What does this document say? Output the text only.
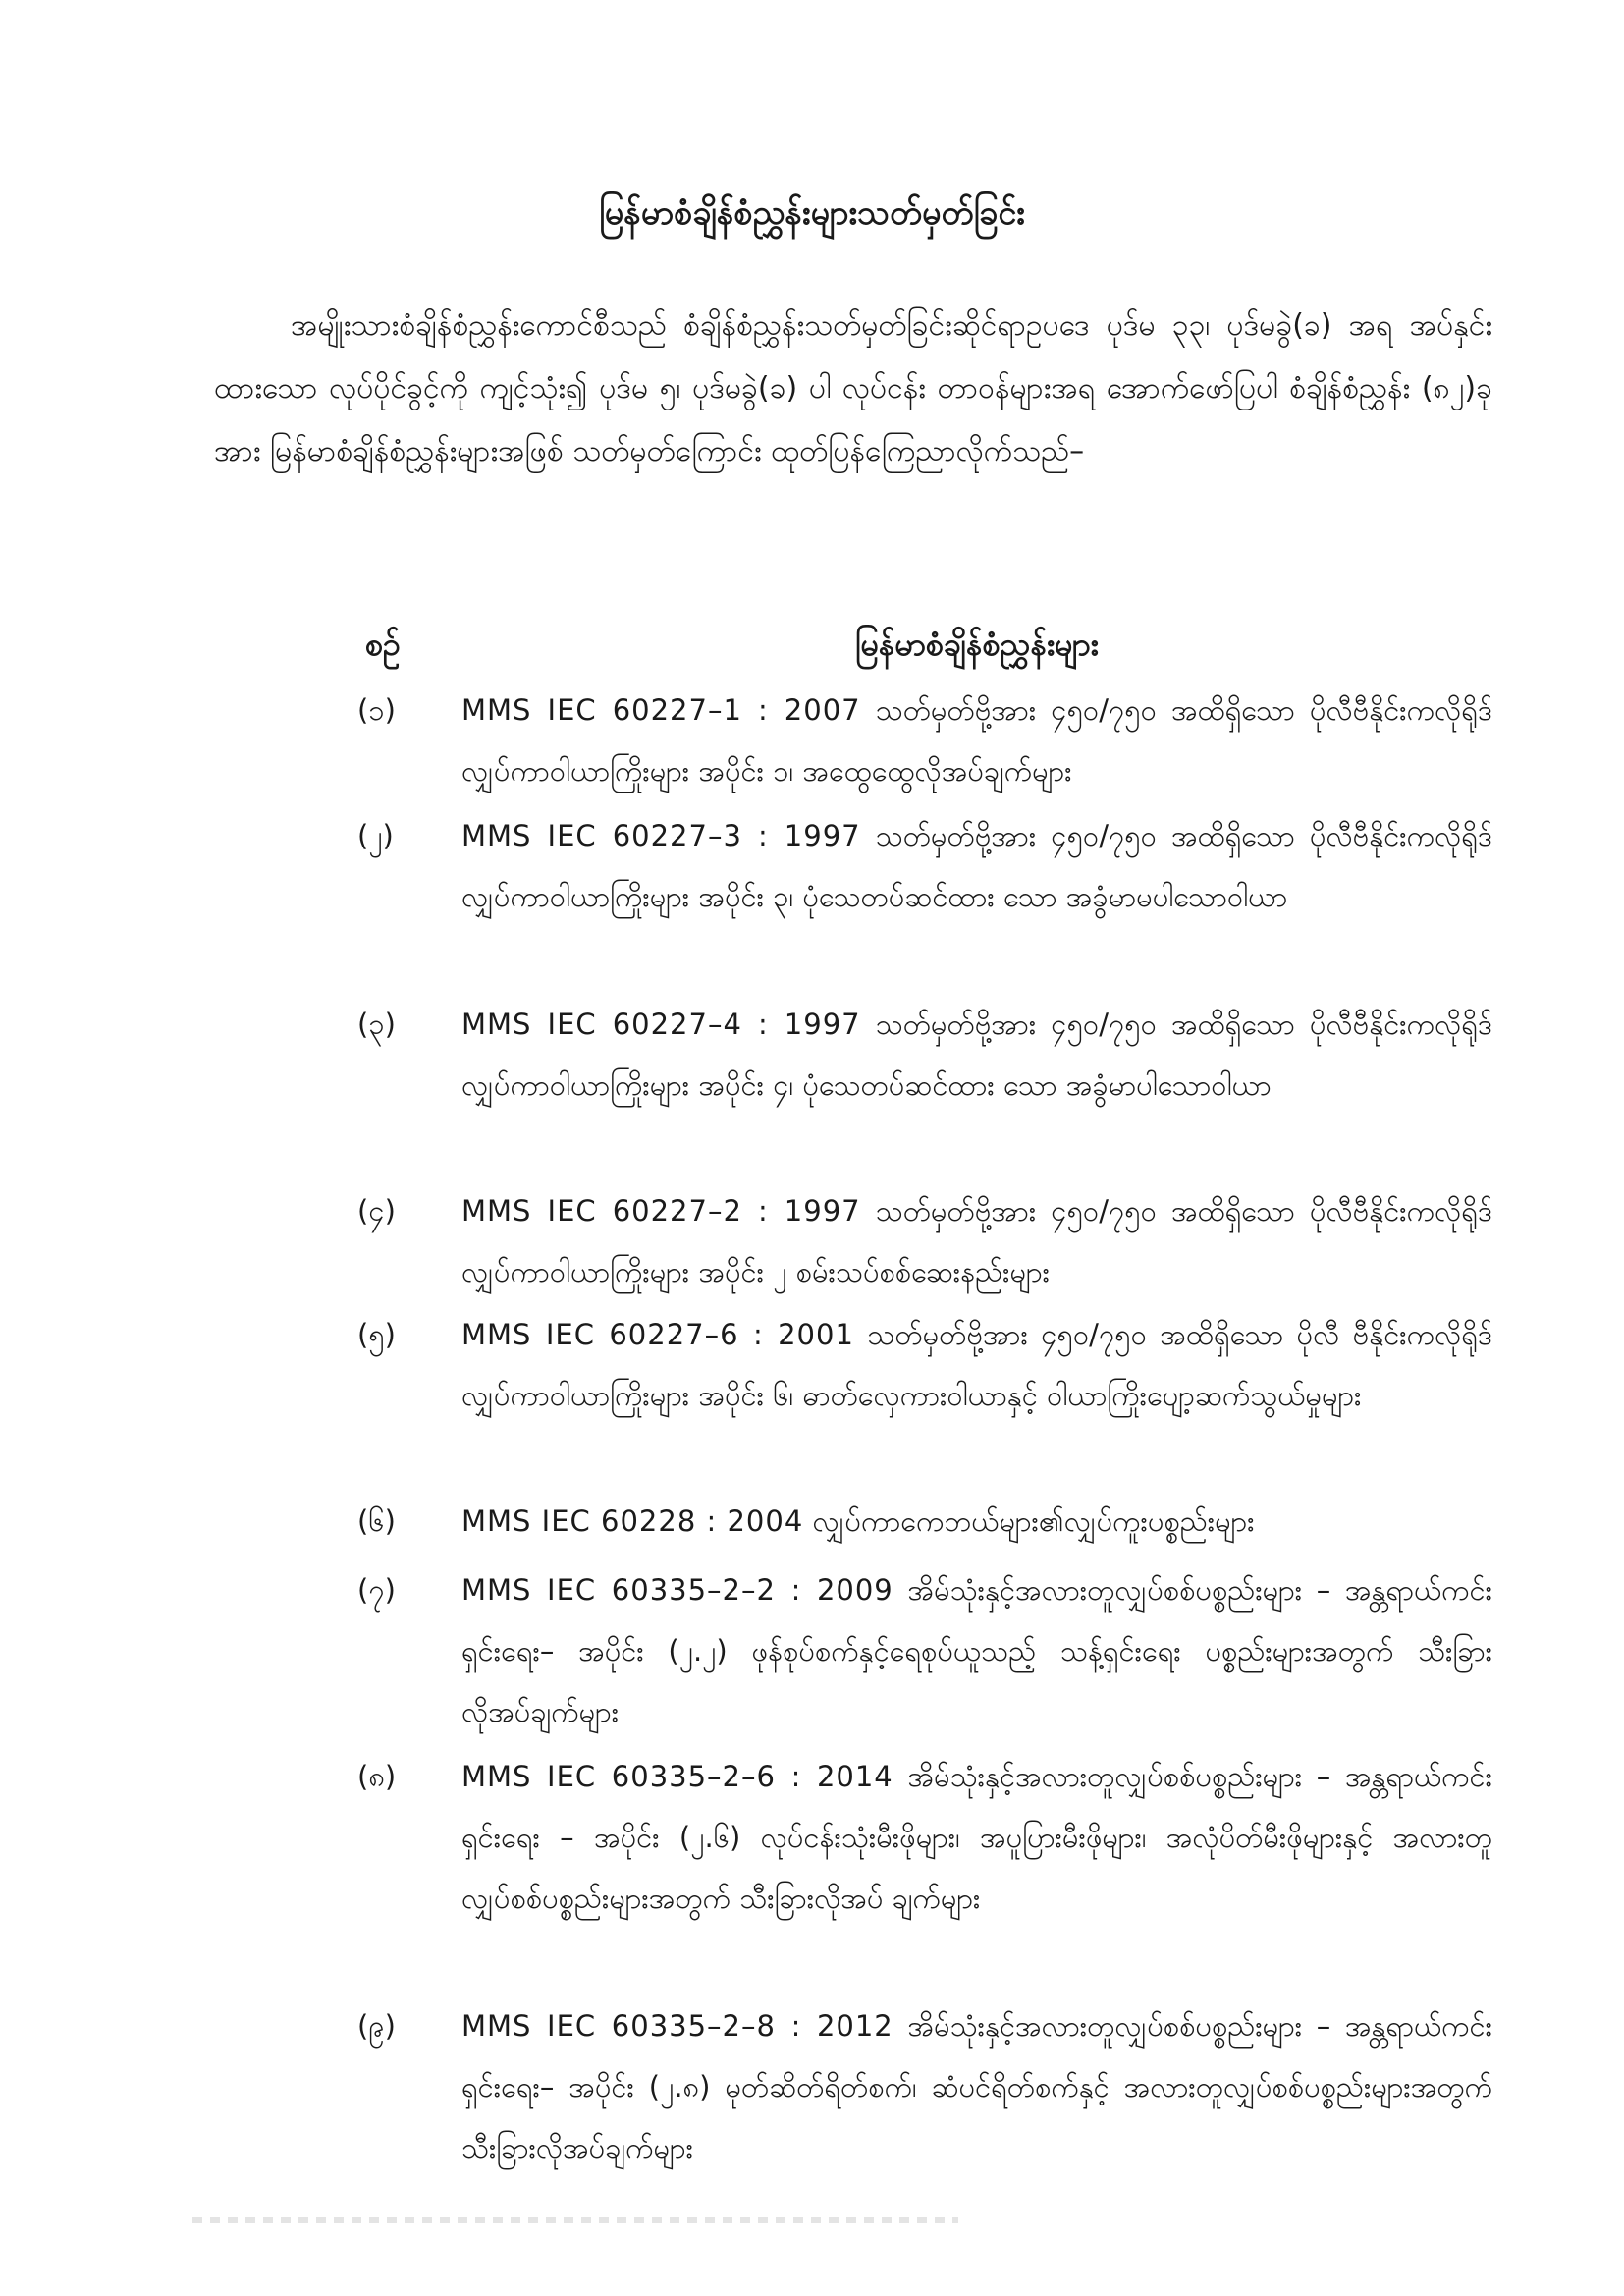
မြန်မာစံချိန်စံညွှန်းများသတ်မှတ်ခြင်း
အမျိုးသားစံချိန်စံညွှန်းကောင်စီသည် စံချိန်စံညွှန်းသတ်မှတ်ခြင်းဆိုင်ရာဥပဒေ ပုဒ်မ ၃၃၊ ပုဒ်မခွဲ(ခ) အရ အပ်နှင်းထားသော လုပ်ပိုင်ခွင့်ကို ကျင့်သုံး၍ ပုဒ်မ ၅၊ ပုဒ်မခွဲ(ခ) ပါ လုပ်ငန်း တာဝန်များအရ အောက်ဖော်ပြပါ စံချိန်စံညွှန်း (၈၂)ခုအား မြန်မာစံချိန်စံညွှန်းများအဖြစ် သတ်မှတ်ကြောင်း ထုတ်ပြန်ကြေညာလိုက်သည်–
စဉ်	မြန်မာစံချိန်စံညွှန်းများ
(၁) MMS IEC 60227–1 : 2007 သတ်မှတ်ဗို့အား ၄၅၀/၇၅၀ အထိရှိသော ပိုလီဗီနိုင်းကလိုရိုဒ်လျှပ်ကာဝါယာကြိုးများ အပိုင်း ၁၊ အထွေထွေလိုအပ်ချက်များ
(၂) MMS IEC 60227–3 : 1997 သတ်မှတ်ဗို့အား ၄၅၀/၇၅၀ အထိရှိသော ပိုလီဗီနိုင်းကလိုရိုဒ်လျှပ်ကာဝါယာကြိုးများ အပိုင်း ၃၊ ပုံသေတပ်ဆင်ထား သော အခွံမာမပါသောဝါယာ
(၃) MMS IEC 60227–4 : 1997 သတ်မှတ်ဗို့အား ၄၅၀/၇၅၀ အထိရှိသော ပိုလီဗီနိုင်းကလိုရိုဒ်လျှပ်ကာဝါယာကြိုးများ အပိုင်း ၄၊ ပုံသေတပ်ဆင်ထား သော အခွံမာပါသောဝါယာ
(၄) MMS IEC 60227–2 : 1997 သတ်မှတ်ဗို့အား ၄၅၀/၇၅၀ အထိရှိသော ပိုလီဗီနိုင်းကလိုရိုဒ်လျှပ်ကာဝါယာကြိုးများ အပိုင်း ၂ စမ်းသပ်စစ်ဆေးနည်းများ
(၅) MMS IEC 60227–6 : 2001 သတ်မှတ်ဗို့အား ၄၅၀/၇၅၀ အထိရှိသော ပိုလီ ဗီနိုင်းကလိုရိုဒ်လျှပ်ကာဝါယာကြိုးများ အပိုင်း ၆၊ ဓာတ်လှေကားဝါယာနှင့် ဝါယာကြိုးပျော့ဆက်သွယ်မှုများ
(၆) MMS IEC 60228 : 2004 လျှပ်ကာကေဘယ်များ၏လျှပ်ကူးပစ္စည်းများ
(၇) MMS IEC 60335–2–2 : 2009 အိမ်သုံးနှင့်အလားတူလျှပ်စစ်ပစ္စည်းများ – အန္တရာယ်ကင်းရှင်းရေး– အပိုင်း (၂.၂) ဖုန်စုပ်စက်နှင့်ရေစုပ်ယူသည့် သန့်ရှင်းရေး ပစ္စည်းများအတွက် သီးခြားလိုအပ်ချက်များ
(၈) MMS IEC 60335–2–6 : 2014 အိမ်သုံးနှင့်အလားတူလျှပ်စစ်ပစ္စည်းများ – အန္တရာယ်ကင်းရှင်းရေး – အပိုင်း (၂.၆) လုပ်ငန်းသုံးမီးဖိုများ၊ အပူပြားမီးဖိုများ၊ အလုံပိတ်မီးဖိုများနှင့် အလားတူလျှပ်စစ်ပစ္စည်းများအတွက် သီးခြားလိုအပ် ချက်များ
(၉) MMS IEC 60335–2–8 : 2012 အိမ်သုံးနှင့်အလားတူလျှပ်စစ်ပစ္စည်းများ – အန္တရာယ်ကင်းရှင်းရေး– အပိုင်း (၂.၈) မုတ်ဆိတ်ရိတ်စက်၊ ဆံပင်ရိတ်စက်နှင့် အလားတူလျှပ်စစ်ပစ္စည်းများအတွက် သီးခြားလိုအပ်ချက်များ
